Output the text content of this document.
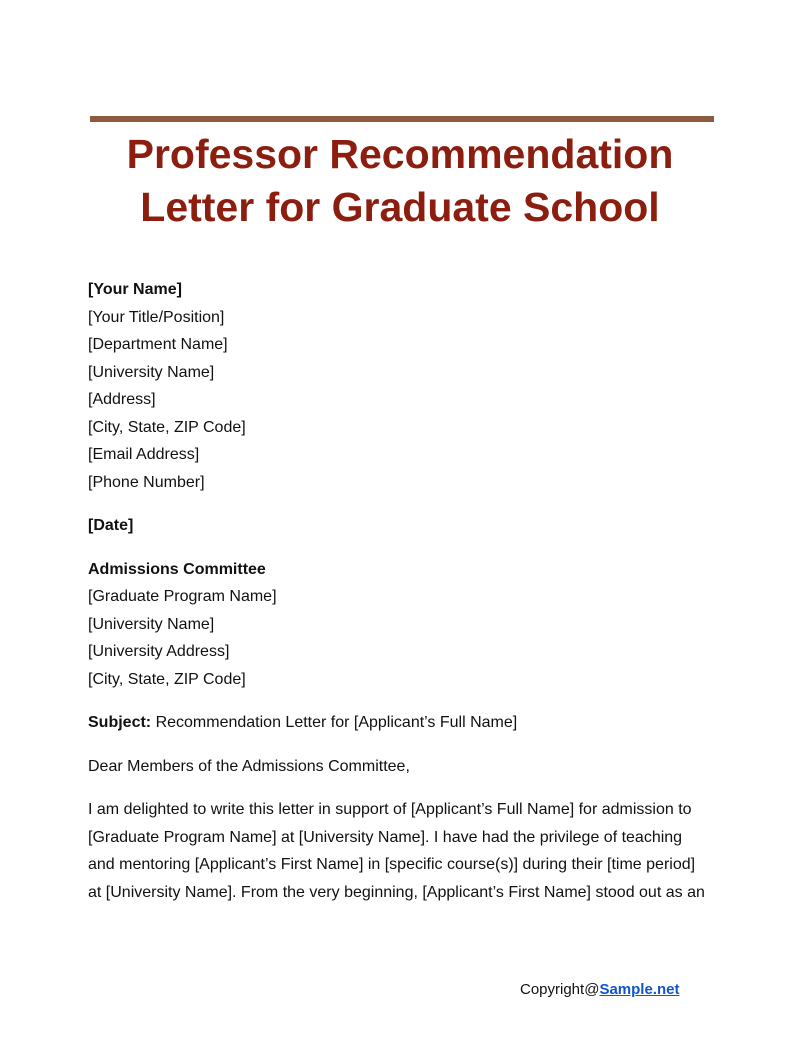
Professor Recommendation
Letter for Graduate School
[Your Name]
[Your Title/Position]
[Department Name]
[University Name]
[Address]
[City, State, ZIP Code]
[Email Address]
[Phone Number]
[Date]
Admissions Committee
[Graduate Program Name]
[University Name]
[University Address]
[City, State, ZIP Code]
Subject: Recommendation Letter for [Applicant’s Full Name]
Dear Members of the Admissions Committee,
I am delighted to write this letter in support of [Applicant’s Full Name] for admission to [Graduate Program Name] at [University Name]. I have had the privilege of teaching and mentoring [Applicant’s First Name] in [specific course(s)] during their [time period] at [University Name]. From the very beginning, [Applicant’s First Name] stood out as an
Copyright@Sample.net
